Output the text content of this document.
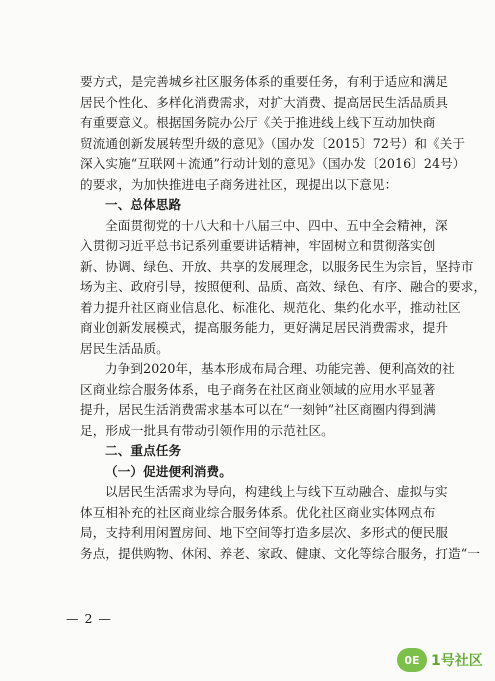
要方式，是完善城乡社区服务体系的重要任务，有利于适应和满足
居民个性化、多样化消费需求，对扩大消费、提高居民生活品质具
有重要意义。根据国务院办公厅《关于推进线上线下互动加快商
贸流通创新发展转型升级的意见》（国办发〔2015〕72号）和《关于
深入实施“互联网＋流通”行动计划的意见》（国办发〔2016〕24号）
的要求，为加快推进电子商务进社区，现提出以下意见：
一、总体思路
全面贯彻党的十八大和十八届三中、四中、五中全会精神，深
入贯彻习近平总书记系列重要讲话精神，牢固树立和贯彻落实创
新、协调、绿色、开放、共享的发展理念，以服务民生为宗旨，坚持市
场为主、政府引导，按照便利、品质、高效、绿色、有序、融合的要求，
着力提升社区商业信息化、标准化、规范化、集约化水平，推动社区
商业创新发展模式，提高服务能力，更好满足居民消费需求，提升
居民生活品质。
力争到2020年，基本形成布局合理、功能完善、便利高效的社
区商业综合服务体系，电子商务在社区商业领域的应用水平显著
提升，居民生活消费需求基本可以在“一刻钟”社区商圈内得到满
足，形成一批具有带动引领作用的示范社区。
二、重点任务
（一）促进便利消费。
以居民生活需求为导向，构建线上与线下互动融合、虚拟与实
体互相补充的社区商业综合服务体系。优化社区商业实体网点布
局，支持利用闲置房间、地下空间等打造多层次、多形式的便民服
务点，提供购物、休闲、养老、家政、健康、文化等综合服务，打造“一
— 2 —
0E 1号社区
